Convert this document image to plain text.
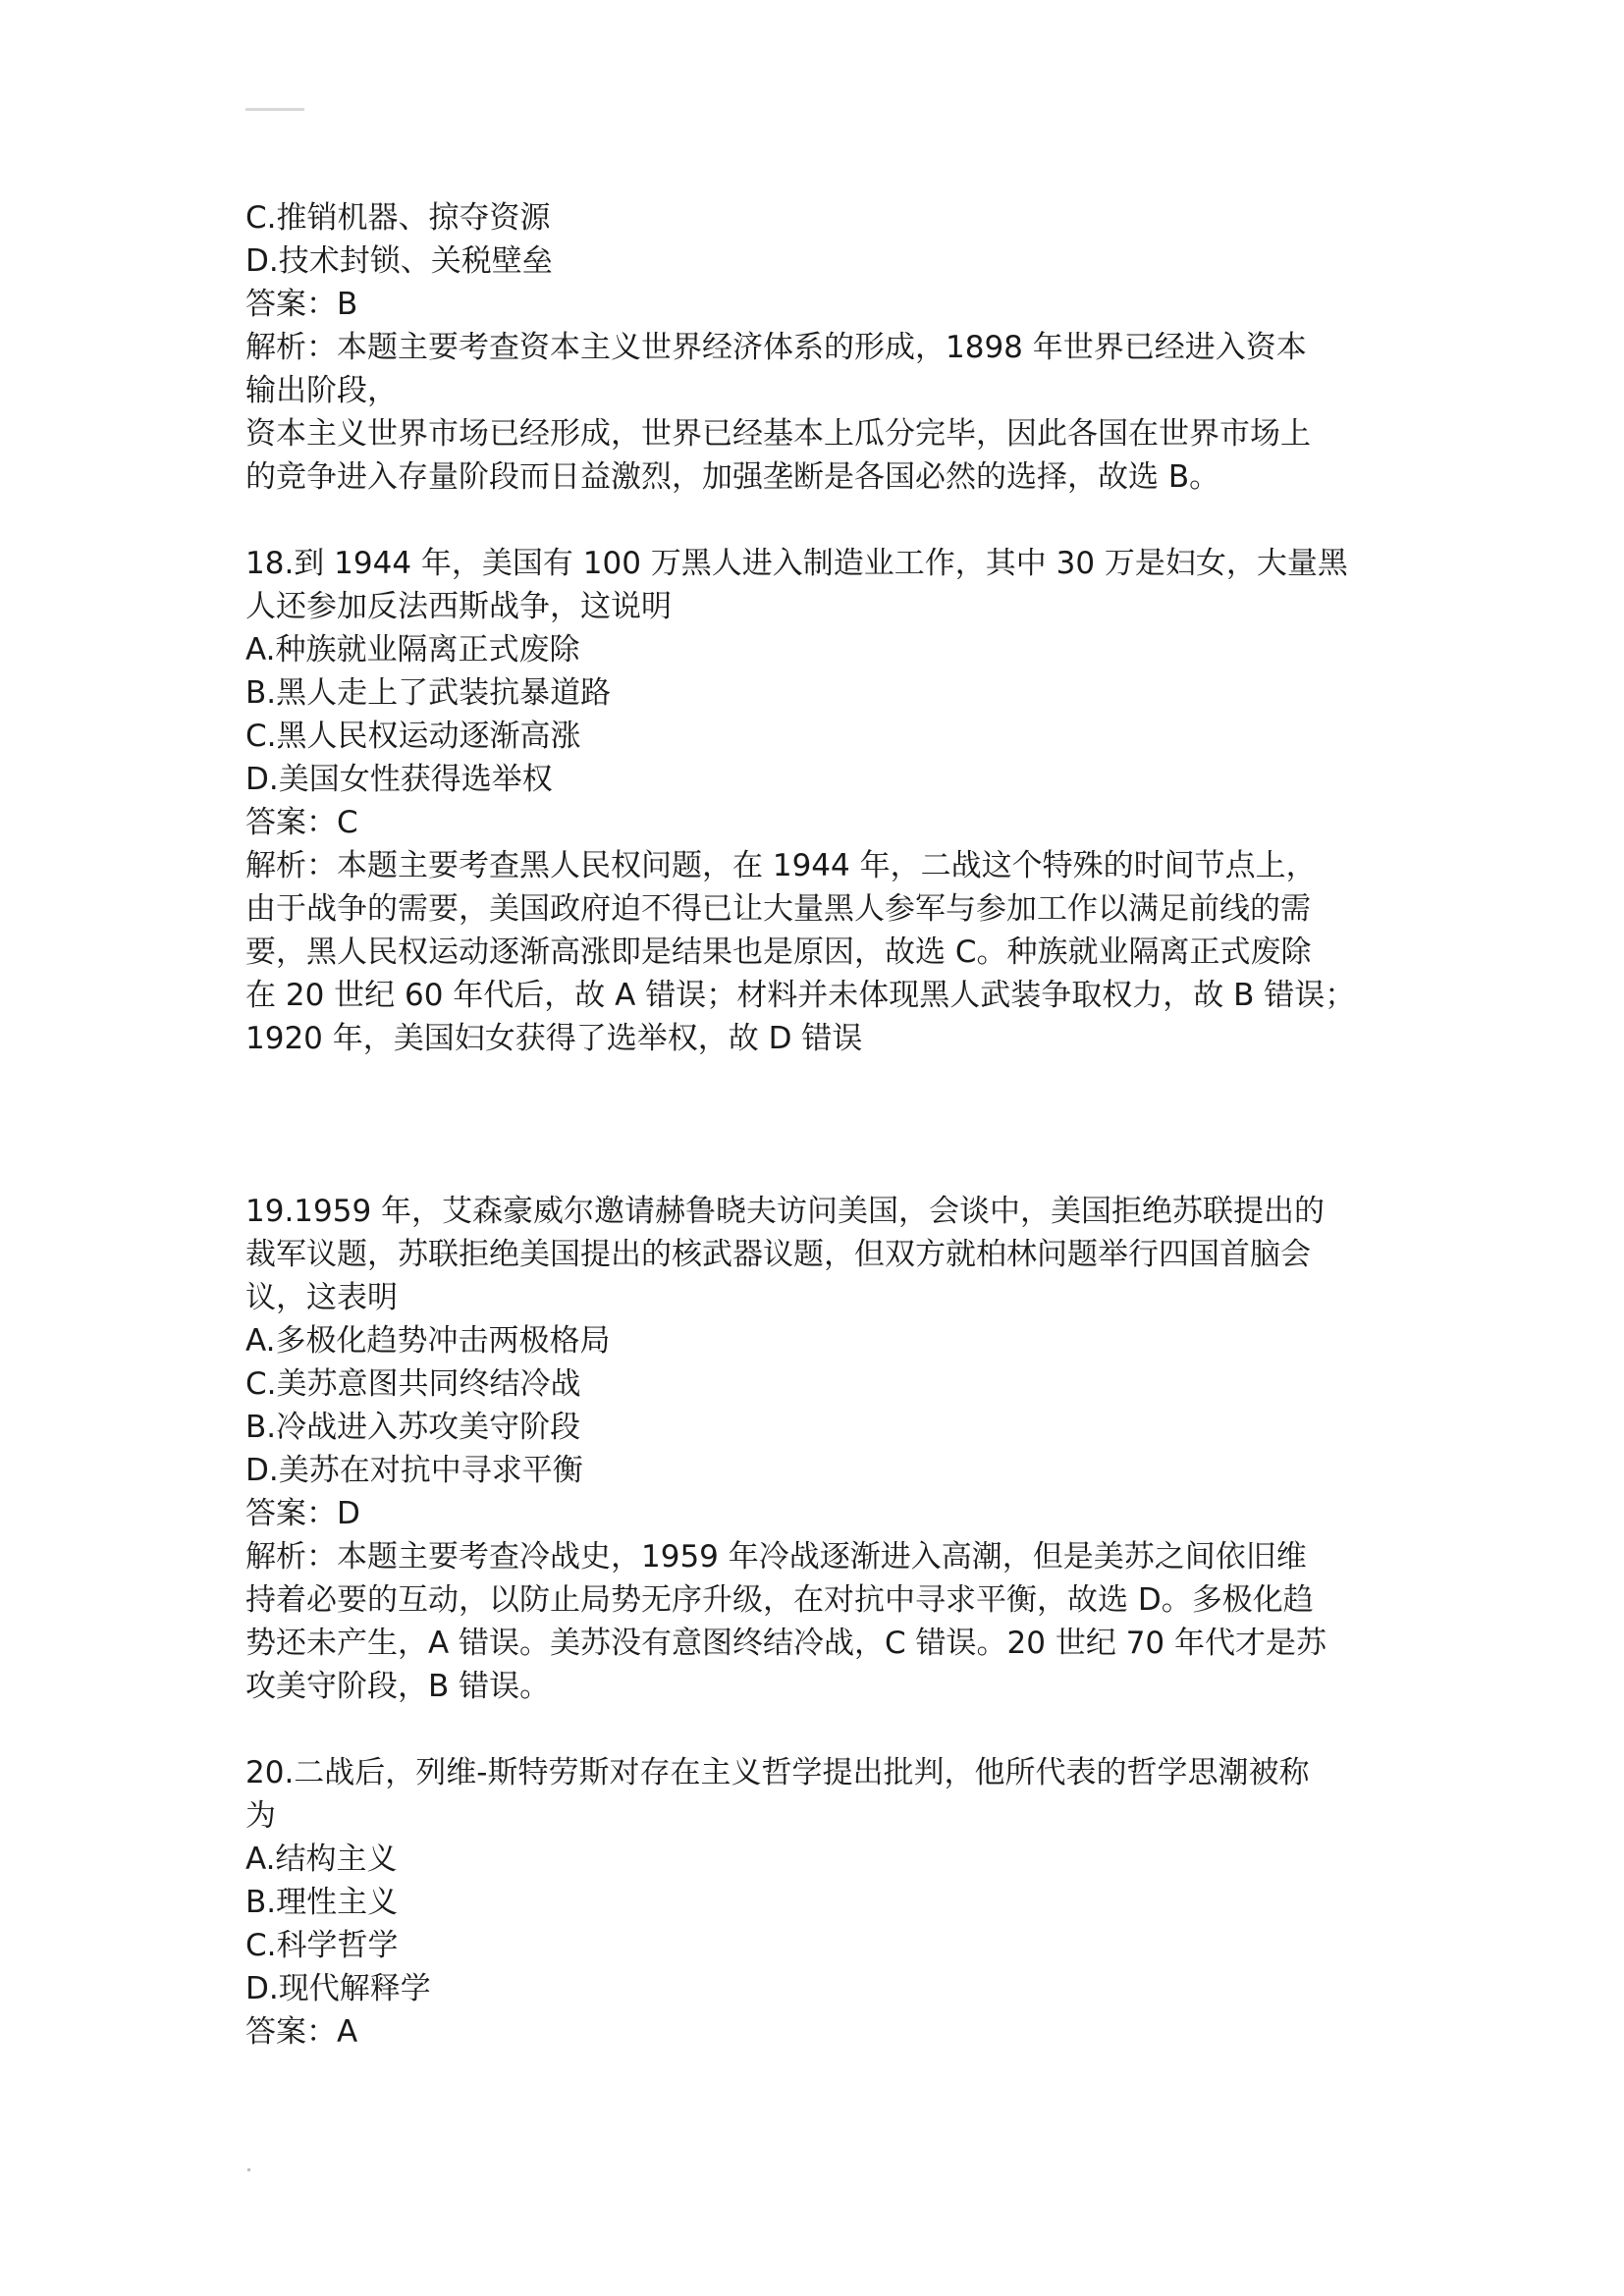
C.推销机器、掠夺资源

D.技术封锁、关税壁垒

答案：B

解析：本题主要考查资本主义世界经济体系的形成，1898 年世界已经进入资本

输出阶段，

资本主义世界市场已经形成，世界已经基本上瓜分完毕，因此各国在世界市场上

的竞争进入存量阶段而日益激烈，加强垄断是各国必然的选择，故选 B。

18.到 1944 年，美国有 100 万黑人进入制造业工作，其中 30 万是妇女，大量黑

人还参加反法西斯战争，这说明

A.种族就业隔离正式废除

B.黑人走上了武装抗暴道路

C.黑人民权运动逐渐高涨

D.美国女性获得选举权

答案：C

解析：本题主要考查黑人民权问题，在 1944 年，二战这个特殊的时间节点上，

由于战争的需要，美国政府迫不得已让大量黑人参军与参加工作以满足前线的需

要，黑人民权运动逐渐高涨即是结果也是原因，故选 C。种族就业隔离正式废除

在 20 世纪 60 年代后，故 A 错误；材料并未体现黑人武装争取权力，故 B 错误；

1920 年，美国妇女获得了选举权，故 D 错误

19.1959 年，艾森豪威尔邀请赫鲁晓夫访问美国，会谈中，美国拒绝苏联提出的

裁军议题，苏联拒绝美国提出的核武器议题，但双方就柏林问题举行四国首脑会

议，这表明

A.多极化趋势冲击两极格局

C.美苏意图共同终结冷战

B.冷战进入苏攻美守阶段

D.美苏在对抗中寻求平衡

答案：D

解析：本题主要考查冷战史，1959 年冷战逐渐进入高潮，但是美苏之间依旧维

持着必要的互动，以防止局势无序升级，在对抗中寻求平衡，故选 D。多极化趋

势还未产生，A 错误。美苏没有意图终结冷战，C 错误。20 世纪 70 年代才是苏

攻美守阶段，B 错误。

20.二战后，列维-斯特劳斯对存在主义哲学提出批判，他所代表的哲学思潮被称

为

A.结构主义

B.理性主义

C.科学哲学

D.现代解释学

答案：A
